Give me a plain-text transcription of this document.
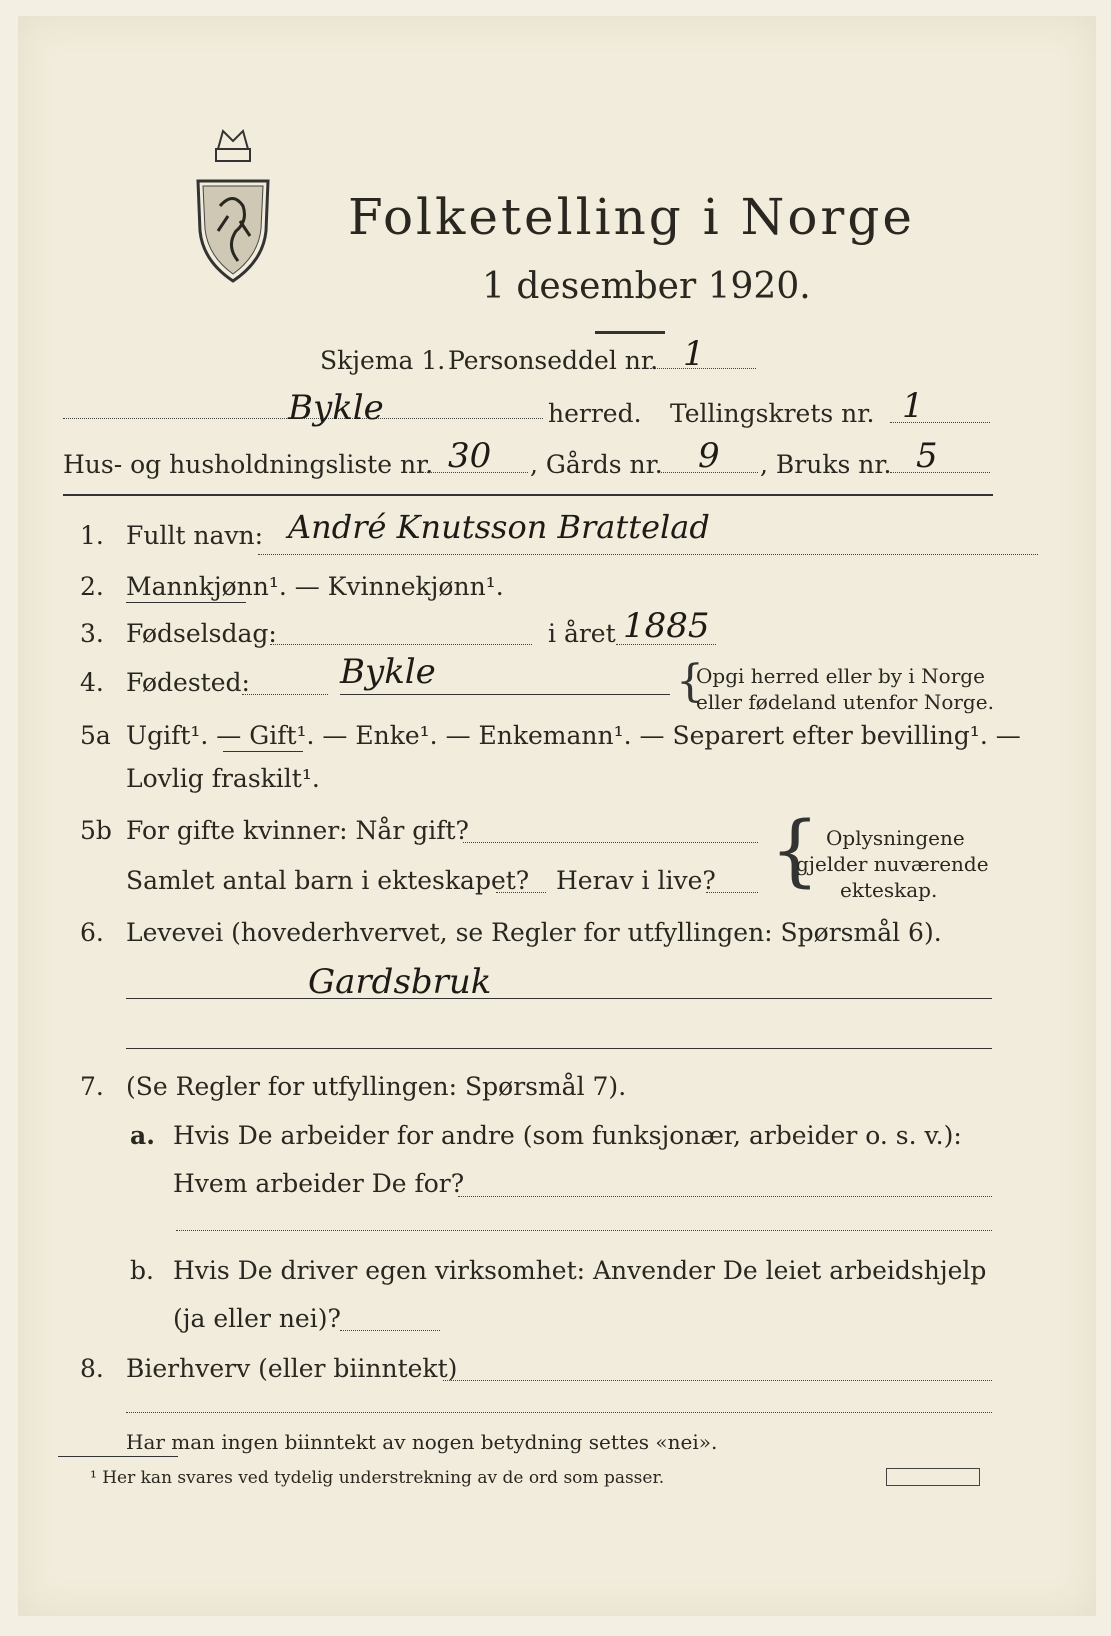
Folketelling i Norge
1 desember 1920.
Skjema 1. Personseddel nr. 1
Bykle	herred. Tellingskrets nr. 1
Hus- og husholdningsliste nr. 30 , Gårds nr. 9 , Bruks nr. 5
1. Fullt navn: André Knutsson Brattelad
2. Mannkjønn¹. — Kvinnekjønn¹.
3. Fødselsdag:	i året 1885
4. Fødested:	Bykle	{
Opgi herred eller by i Norge
eller fødeland utenfor Norge.
5a Ugift¹. — Gift¹. — Enke¹. — Enkemann¹. — Separert efter bevilling¹. —
Lovlig fraskilt¹.
5b For gifte kvinner: Når gift?
Samlet antal barn i ekteskapet? Herav i live? { Oplysningene
gjelder nuværende
ekteskap.
6. Levevei (hovederhvervet, se Regler for utfyllingen: Spørsmål 6).
Gardsbruk
7. (Se Regler for utfyllingen: Spørsmål 7).
a. Hvis De arbeider for andre (som funksjonær, arbeider o. s. v.):
Hvem arbeider De for?
b. Hvis De driver egen virksomhet: Anvender De leiet arbeidshjelp
(ja eller nei)?
8. Bierhverv (eller biinntekt)
Har man ingen biinntekt av nogen betydning settes «nei».
¹ Her kan svares ved tydelig understrekning av de ord som passer.
